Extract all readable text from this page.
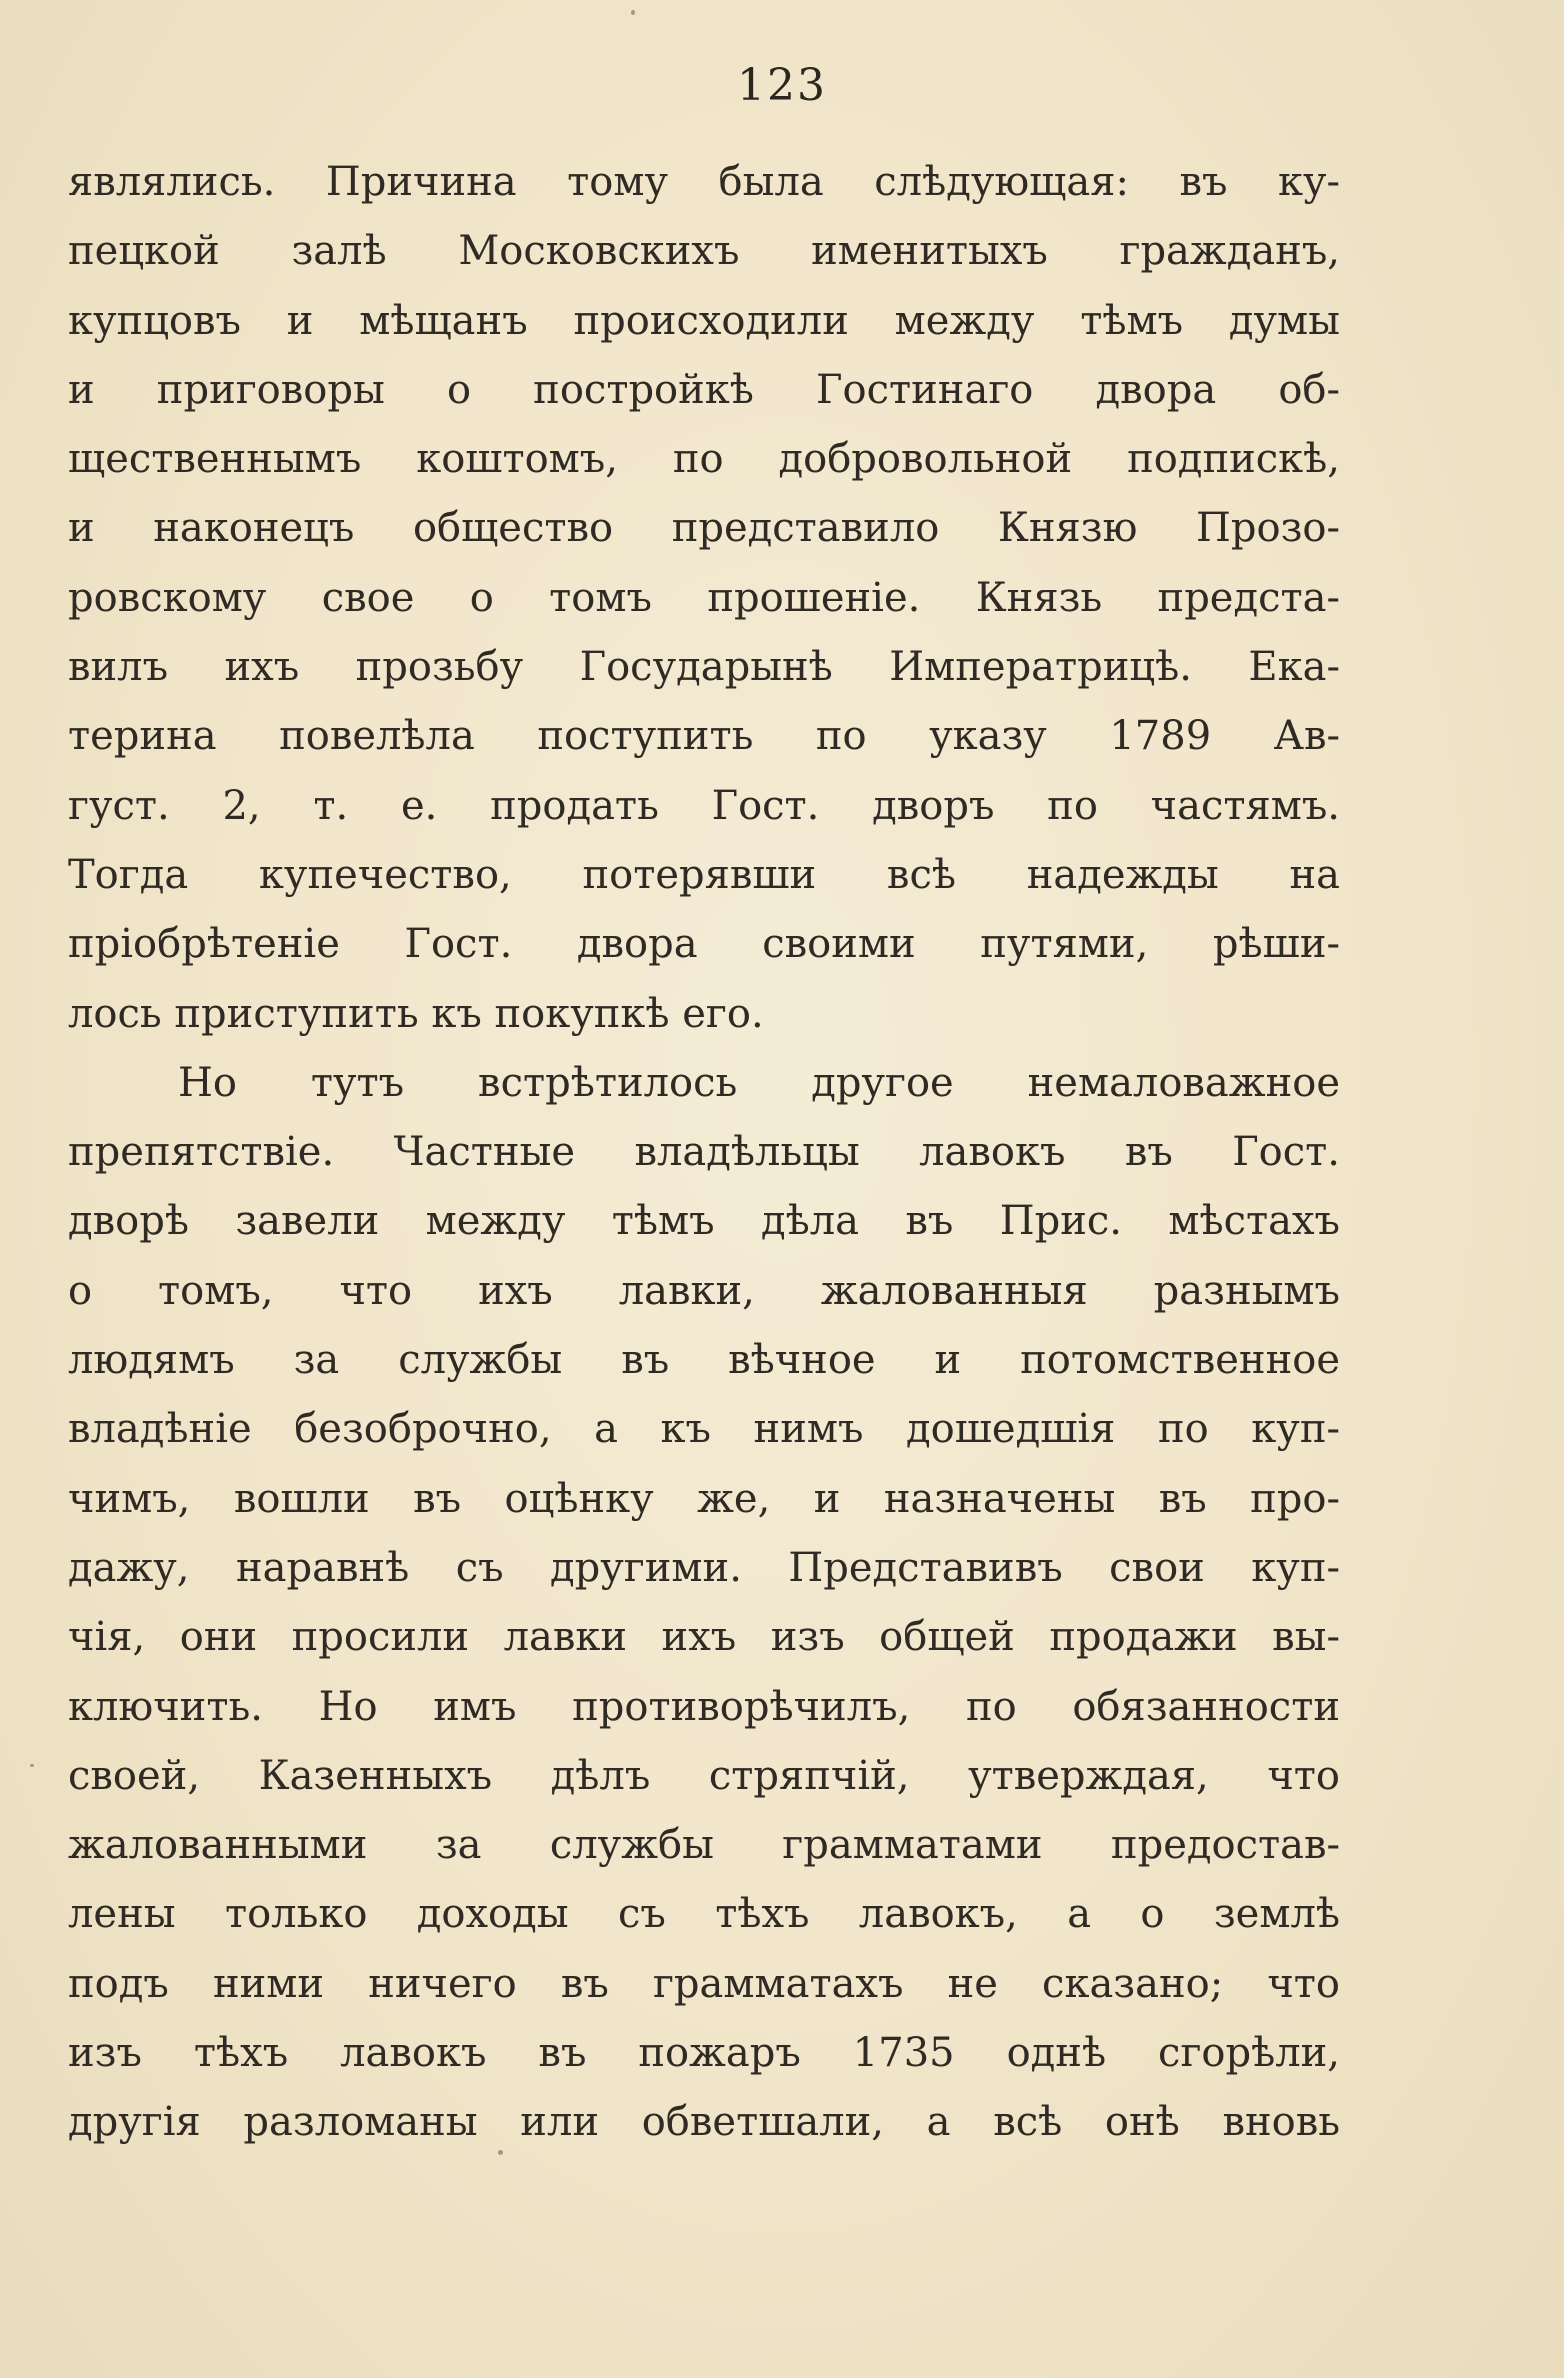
123
являлись. Причина тому была слѣдующая: въ ку-
пецкой залѣ Московскихъ именитыхъ гражданъ,
купцовъ и мѣщанъ происходили между тѣмъ думы
и приговоры о постройкѣ Гостинаго двора об-
щественнымъ коштомъ, по добровольной подпискѣ,
и наконецъ общество представило Князю Прозо-
ровскому свое о томъ прошеніе. Князь предста-
вилъ ихъ прозьбу Государынѣ Императрицѣ. Ека-
терина повелѣла поступить по указу 1789 Ав-
густ. 2, т. е. продать Гост. дворъ по частямъ.
Тогда купечество, потерявши всѣ надежды на
пріобрѣтеніе Гост. двора своими путями, рѣши-
лось приступить къ покупкѣ его.
Но тутъ встрѣтилось другое немаловажное
препятствіе. Частные владѣльцы лавокъ въ Гост.
дворѣ завели между тѣмъ дѣла въ Прис. мѣстахъ
о томъ, что ихъ лавки, жалованныя разнымъ
людямъ за службы въ вѣчное и потомственное
владѣніе безоброчно, а къ нимъ дошедшія по куп-
чимъ, вошли въ оцѣнку же, и назначены въ про-
дажу, наравнѣ съ другими. Представивъ свои куп-
чія, они просили лавки ихъ изъ общей продажи вы-
ключить. Но имъ противорѣчилъ, по обязанности
своей, Казенныхъ дѣлъ стряпчій, утверждая, что
жалованными за службы грамматами предостав-
лены только доходы съ тѣхъ лавокъ, а о землѣ
подъ ними ничего въ грамматахъ не сказано; что
изъ тѣхъ лавокъ въ пожаръ 1735 однѣ сгорѣли,
другія разломаны или обветшали, а всѣ онѣ вновь
